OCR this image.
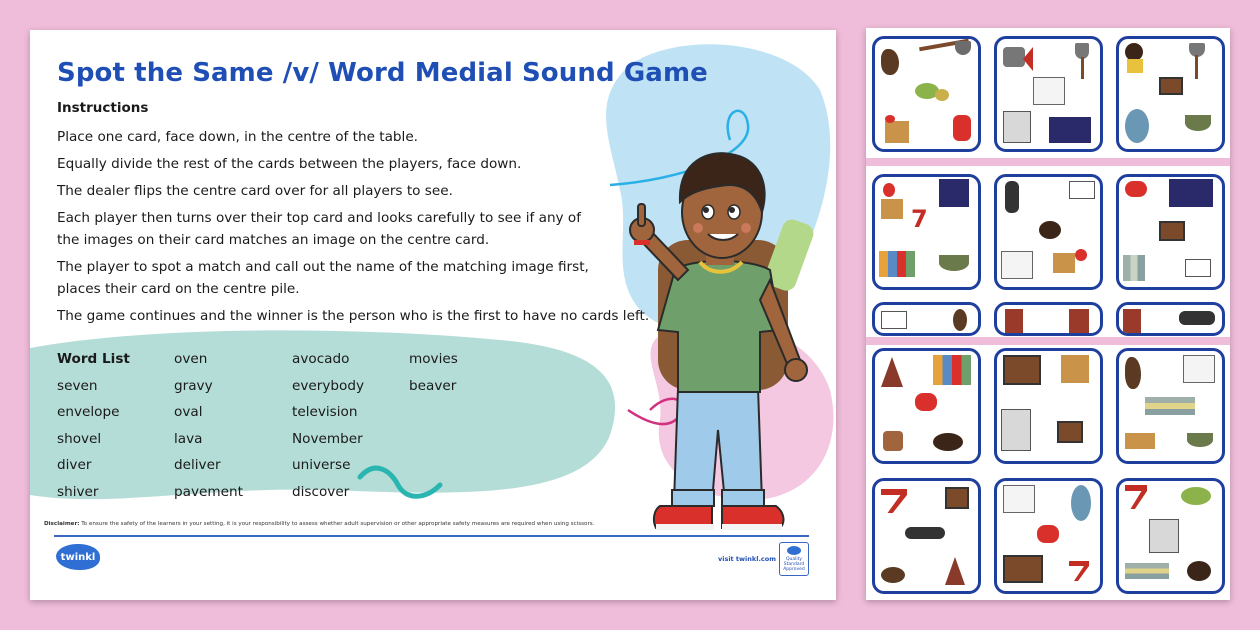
Spot the Same /v/ Word Medial Sound Game
Instructions

Place one card, face down, in the centre of the table.

Equally divide the rest of the cards between the players, face down.

The dealer flips the centre card over for all players to see.

Each player then turns over their top card and looks carefully to see if any of the images on their card matches an image on the centre card.

The player to spot a match and call out the name of the matching image first, places their card on the centre pile.

The game continues and the winner is the person who is the first to have no cards left.

Word List
seven
envelope
shovel
diver
shiver
oven
gravy
oval
lava
deliver
pavement
avocado
everybody
television
November
universe
discover
movies
beaver
Disclaimer: To ensure the safety of the learners in your setting, it is your responsibility to assess whether adult supervision or other appropriate safety measures are required when using scissors.
twinkl	visit twinkl.com	Quality Standard Approved
7
